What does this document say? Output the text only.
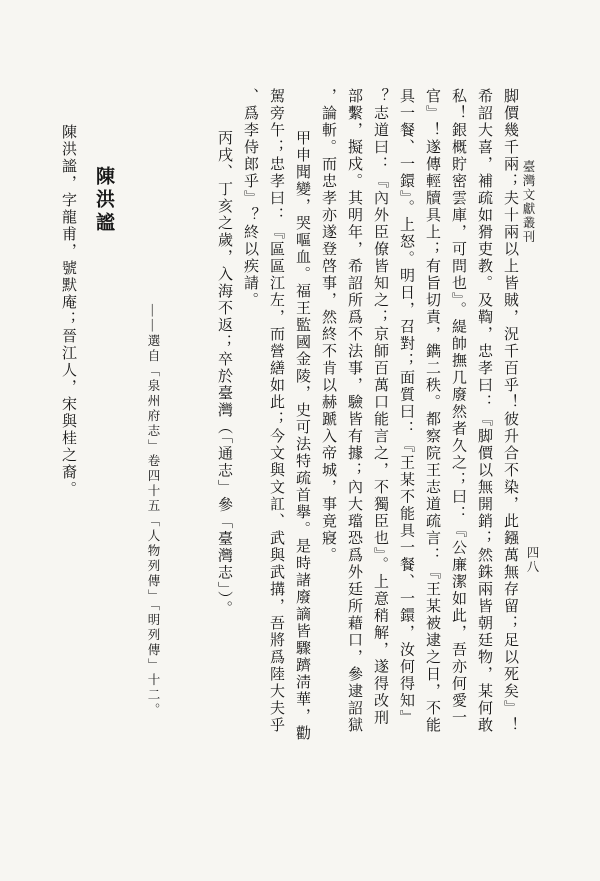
臺灣文獻叢刊
四八
脚價幾千兩；夫十兩以上皆賊，況千百乎！彼升合不染，此鏹萬無存留；足以死矣』！
希詔大喜，補疏如猾吏教。及鞫，忠孝曰：『脚價以無開銷；然銖兩皆朝廷物，某何敢
私！銀概貯密雲庫，可問也』。緹帥撫几廢然者久之；曰：『公廉潔如此，吾亦何愛一
官』！遂傳輕牘具上；有旨切責，鐫二秩。都察院王志道疏言：『王某被逮之日，不能
具一餐、一鐶』。上怒。明日，召對；面質曰：『王某不能具一餐、一鐶，汝何得知』
？志道曰：『內外臣僚皆知之；京師百萬口能言之，不獨臣也』。上意稍解，遂得改刑
部繫，擬戍。其明年，希詔所爲不法事，驗皆有據；內大璫恐爲外廷所藉口，參逮詔獄
，論斬。而忠孝亦遂登啓事，然終不肯以赫蹏入帝城，事竟寢。
甲申聞變，哭嘔血。福王監國金陵，史可法特疏首擧。是時諸廢謫皆驟躋淸華，勸
駕旁午；忠孝曰：『區區江左，而營繕如此；今文與文訌、武與武搆，吾將爲陸大夫乎
、爲李侍郎乎』？終以疾請。
丙戌、丁亥之歲，入海不返；卒於臺灣（「通志」參「臺灣志」）。
——選自「泉州府志」卷四十五「人物列傳」「明列傳」十二。
陳洪謐
陳洪謐，字龍甫，號默庵；晉江人，宋與桂之裔。
